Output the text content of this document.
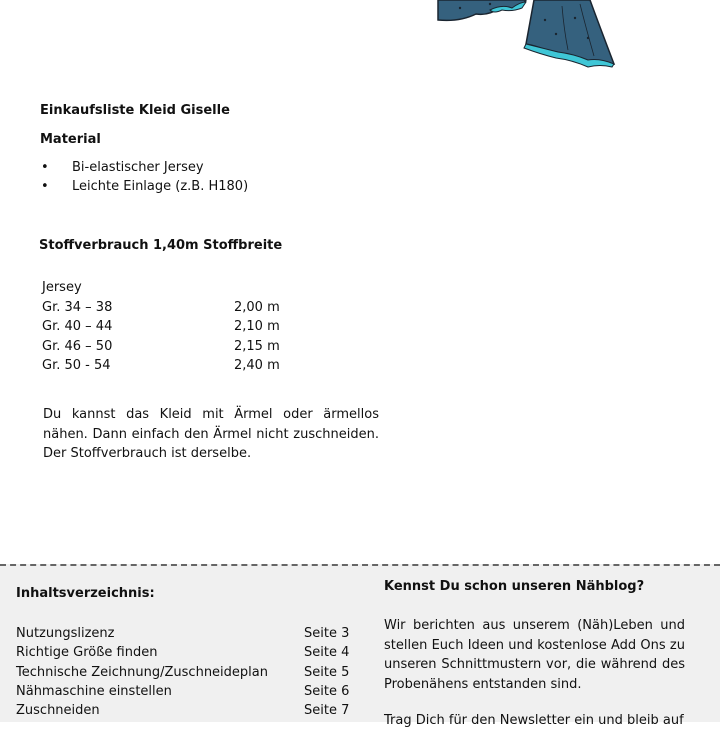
Einkaufsliste Kleid Giselle
Material
• Bi-elastischer Jersey
• Leichte Einlage (z.B. H180)
Stoffverbrauch 1,40m Stoffbreite
Jersey
Gr. 34 – 38	2,00 m
Gr. 40 – 44	2,10 m
Gr. 46 – 50	2,15 m
Gr. 50 - 54	2,40 m
Du kannst das Kleid mit Ärmel oder ärmellos nähen. Dann einfach den Ärmel nicht zuschneiden. Der Stoffverbrauch ist derselbe.
Inhaltsverzeichnis:
Nutzungslizenz	Seite 3
Richtige Größe finden	Seite 4
Technische Zeichnung/Zuschneideplan	Seite 5
Nähmaschine einstellen	Seite 6
Zuschneiden	Seite 7
Kennst Du schon unseren Nähblog?
Wir berichten aus unserem (Näh)Leben und stellen Euch Ideen und kostenlose Add Ons zu unseren Schnittmustern vor, die während des Probenähens entstanden sind.
Trag Dich für den Newsletter ein und bleib auf
